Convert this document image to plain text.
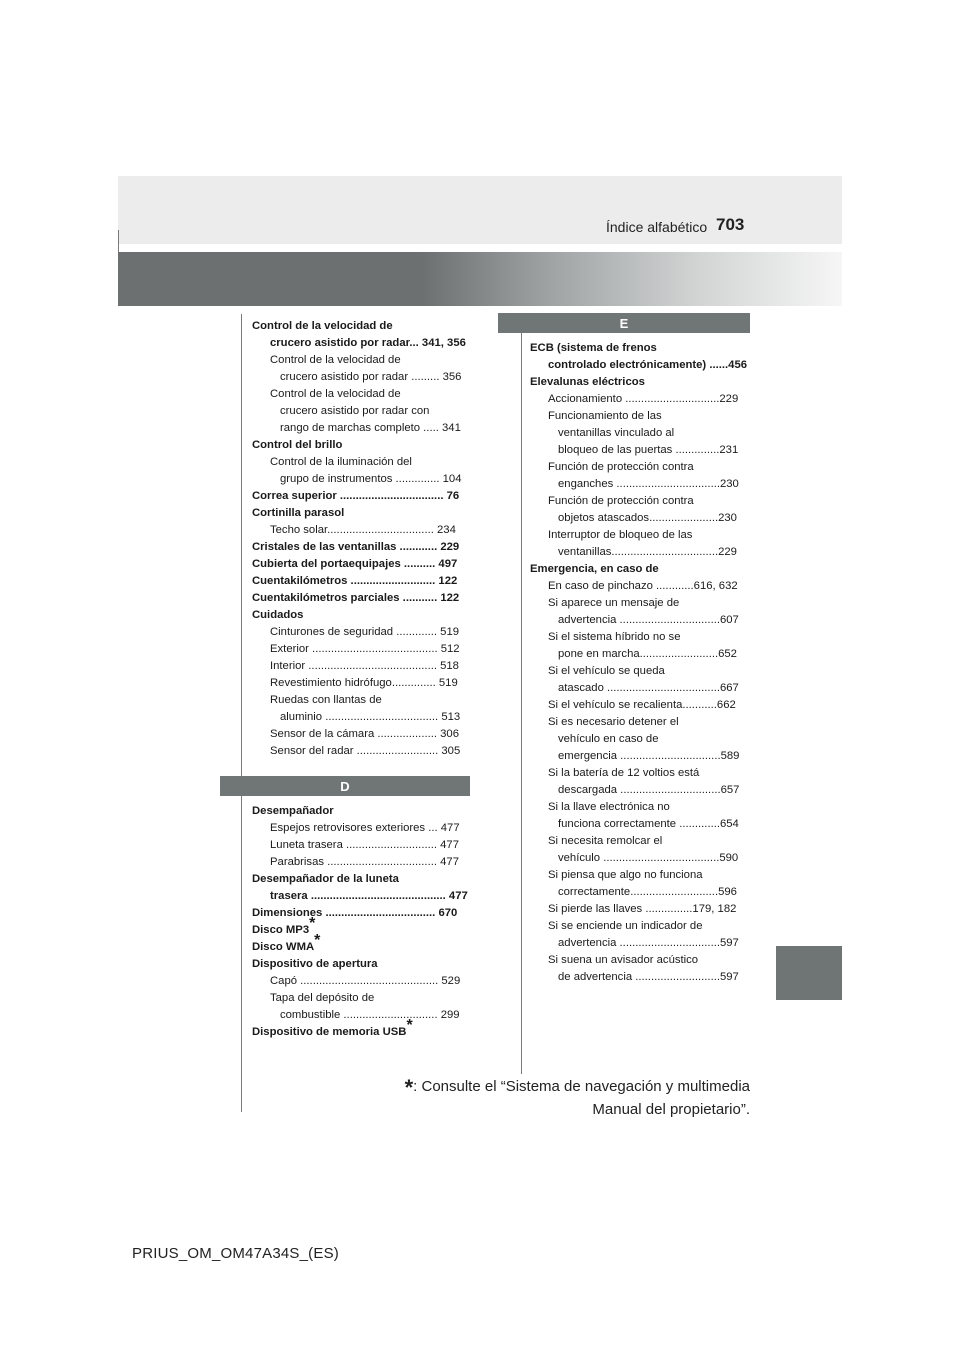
Índice alfabético 703
Control de la velocidad de
crucero asistido por radar... 341, 356
Control de la velocidad de
crucero asistido por radar ......... 356
Control de la velocidad de
crucero asistido por radar con
rango de marchas completo ..... 341
Control del brillo
Control de la iluminación del
grupo de instrumentos .............. 104
Correa superior ................................. 76
Cortinilla parasol
Techo solar.................................. 234
Cristales de las ventanillas ............ 229
Cubierta del portaequipajes .......... 497
Cuentakilómetros ........................... 122
Cuentakilómetros parciales ........... 122
Cuidados
Cinturones de seguridad ............. 519
Exterior ........................................ 512
Interior ......................................... 518
Revestimiento hidrófugo.............. 519
Ruedas con llantas de
aluminio .................................... 513
Sensor de la cámara ................... 306
Sensor del radar .......................... 305
D
Desempañador
Espejos retrovisores exteriores ... 477
Luneta trasera ............................. 477
Parabrisas ................................... 477
Desempañador de la luneta
trasera ........................................... 477
Dimensiones ................................... 670
Disco MP3*
Disco WMA*
Dispositivo de apertura
Capó ............................................ 529
Tapa del depósito de
combustible .............................. 299
Dispositivo de memoria USB*
E
ECB (sistema de frenos
controlado electrónicamente) ......456
Elevalunas eléctricos
Accionamiento ..............................229
Funcionamiento de las
ventanillas vinculado al
bloqueo de las puertas ..............231
Función de protección contra
enganches .................................230
Función de protección contra
objetos atascados......................230
Interruptor de bloqueo de las
ventanillas..................................229
Emergencia, en caso de
En caso de pinchazo ............616, 632
Si aparece un mensaje de
advertencia ................................607
Si el sistema híbrido no se
pone en marcha.........................652
Si el vehículo se queda
atascado ....................................667
Si el vehículo se recalienta...........662
Si es necesario detener el
vehículo en caso de
emergencia ................................589
Si la batería de 12 voltios está
descargada ................................657
Si la llave electrónica no
funciona correctamente .............654
Si necesita remolcar el
vehículo .....................................590
Si piensa que algo no funciona
correctamente............................596
Si pierde las llaves ...............179, 182
Si se enciende un indicador de
advertencia ................................597
Si suena un avisador acústico
de advertencia ...........................597
*: Consulte el “Sistema de navegación y multimedia
Manual del propietario”.
PRIUS_OM_OM47A34S_(ES)
